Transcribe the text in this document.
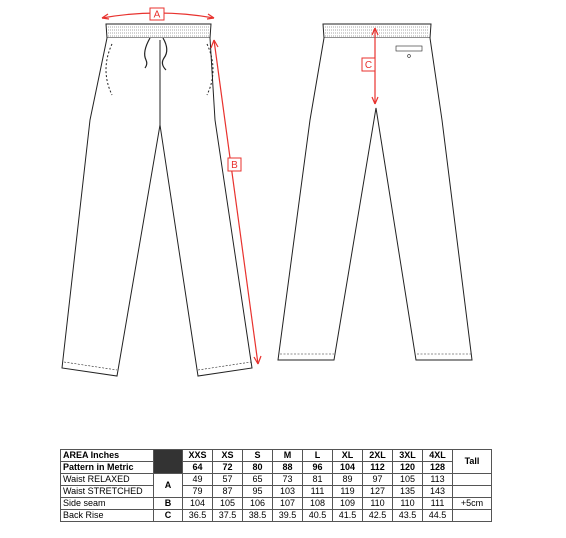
A
B
C
AREA Inches		XXS	XS	S	M	L	XL	2XL	3XL	4XL	Tall
Pattern in Metric		64	72	80	88	96	104	112	120	128	
Waist RELAXED	A	49	57	65	73	81	89	97	105	113	
Waist STRETCHED		79	87	95	103	111	119	127	135	143	
Side seam	B	104	105	106	107	108	109	110	110	111	+5cm
Back Rise	C	36.5	37.5	38.5	39.5	40.5	41.5	42.5	43.5	44.5	
